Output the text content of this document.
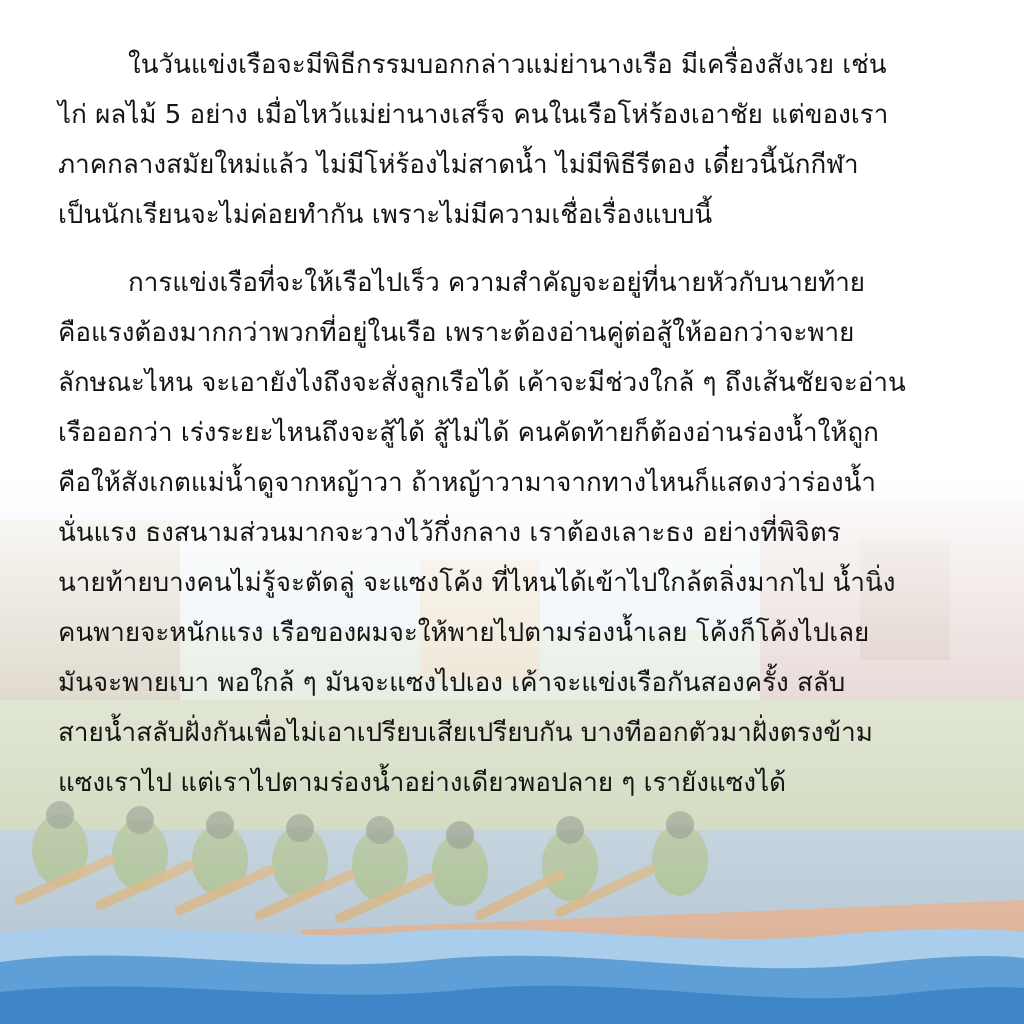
ในวันแข่งเรือจะมีพิธีกรรมบอกกล่าวแม่ย่านางเรือ มีเครื่องสังเวย เช่น
ไก่ ผลไม้ 5 อย่าง เมื่อไหว้แม่ย่านางเสร็จ คนในเรือโห่ร้องเอาชัย แต่ของเรา
ภาคกลางสมัยใหม่แล้ว ไม่มีโห่ร้องไม่สาดน้ำ ไม่มีพิธีรีตอง เดี๋ยวนี้นักกีฬา
เป็นนักเรียนจะไม่ค่อยทำกัน เพราะไม่มีความเชื่อเรื่องแบบนี้
การแข่งเรือที่จะให้เรือไปเร็ว ความสำคัญจะอยู่ที่นายหัวกับนายท้าย
คือแรงต้องมากกว่าพวกที่อยู่ในเรือ เพราะต้องอ่านคู่ต่อสู้ให้ออกว่าจะพาย
ลักษณะไหน จะเอายังไงถึงจะสั่งลูกเรือได้ เค้าจะมีช่วงใกล้ ๆ ถึงเส้นชัยจะอ่าน
เรือออกว่า เร่งระยะไหนถึงจะสู้ได้ สู้ไม่ได้ คนคัดท้ายก็ต้องอ่านร่องน้ำให้ถูก
คือให้สังเกตแม่น้ำดูจากหญ้าวา ถ้าหญ้าวามาจากทางไหนก็แสดงว่าร่องน้ำ
นั่นแรง ธงสนามส่วนมากจะวางไว้กึ่งกลาง เราต้องเลาะธง อย่างที่พิจิตร
นายท้ายบางคนไม่รู้จะตัดลู่ จะแซงโค้ง ที่ไหนได้เข้าไปใกล้ตลิ่งมากไป น้ำนิ่ง
คนพายจะหนักแรง เรือของผมจะให้พายไปตามร่องน้ำเลย โค้งก็โค้งไปเลย
มันจะพายเบา พอใกล้ ๆ มันจะแซงไปเอง เค้าจะแข่งเรือกันสองครั้ง สลับ
สายน้ำสลับฝั่งกันเพื่อไม่เอาเปรียบเสียเปรียบกัน บางทีออกตัวมาฝั่งตรงข้าม
แซงเราไป แต่เราไปตามร่องน้ำอย่างเดียวพอปลาย ๆ เรายังแซงได้
